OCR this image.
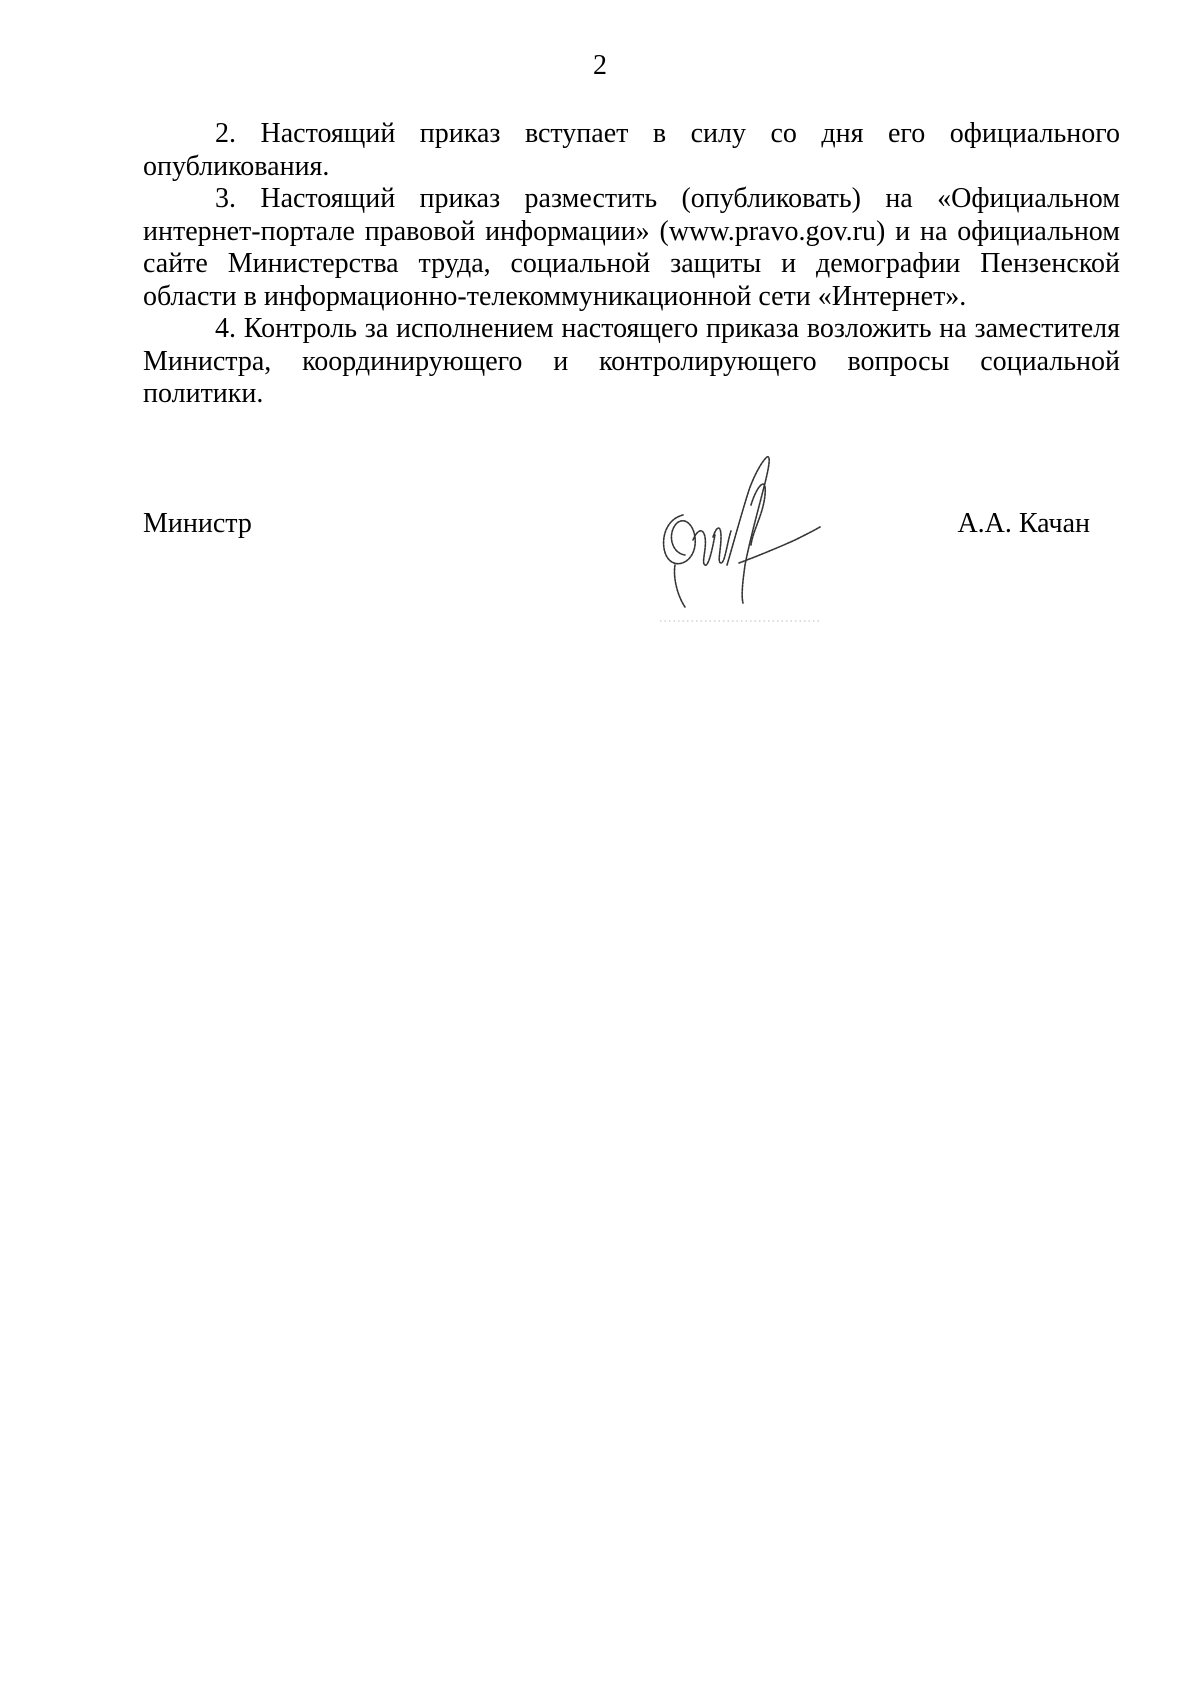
2

2. Настоящий приказ вступает в силу со дня его официального опубликования.

3. Настоящий приказ разместить (опубликовать) на «Официальном интернет-портале правовой информации» (www.pravo.gov.ru) и на официальном сайте Министерства труда, социальной защиты и демографии Пензенской области в информационно-телекоммуникационной сети «Интернет».

4. Контроль за исполнением настоящего приказа возложить на заместителя Министра, координирующего и контролирующего вопросы социальной политики.

Министр	А.А. Качан
